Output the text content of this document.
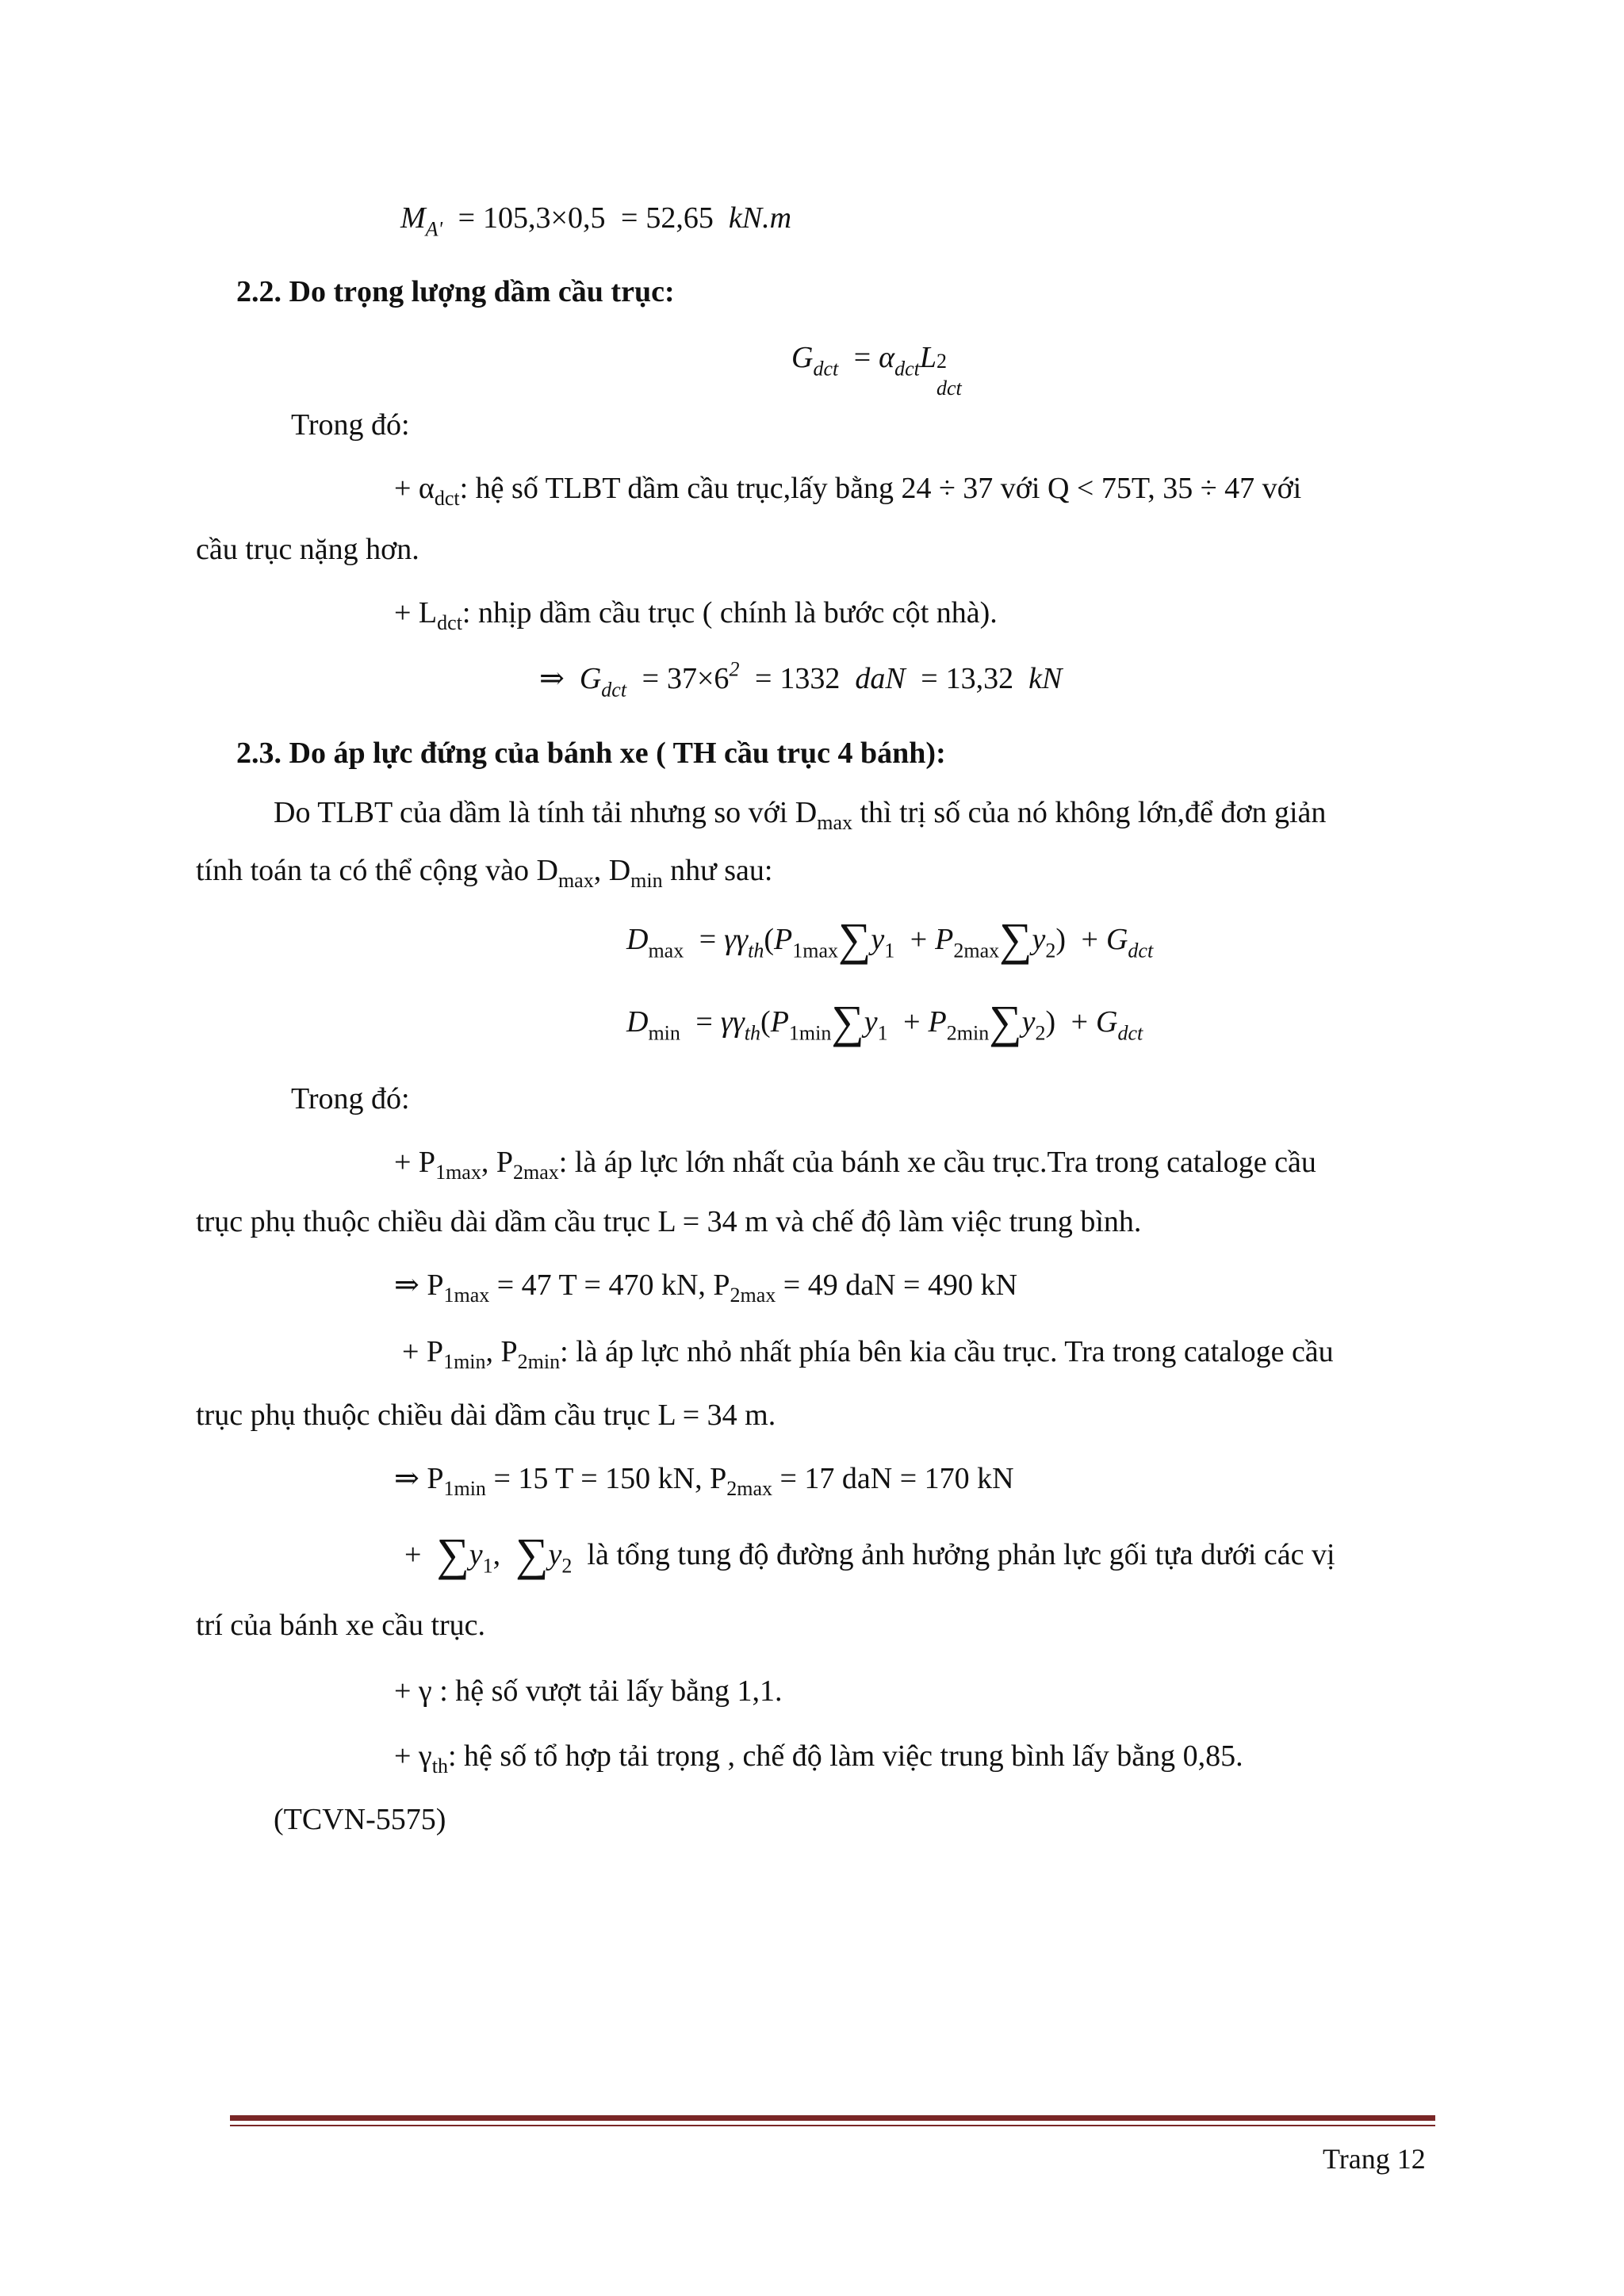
$M_{A'} = 105,3\times 0,5 = 52,65$ kN.m
2.2. Do trọng lượng dầm cầu trục:
$G_{dct} = \alpha_{dct}L$ 2
dct
Trong đó:
+ $\alpha_{dct}$: hệ số TLBT dầm cầu trục,lấy bằng 24 ÷ 37 với Q < 75T, 35 ÷ 47 với
cầu trục nặng hơn.
+ $L_{dct}$: nhịp dầm cầu trục ( chính là bước cột nhà).
⇒ $G_{dct} = 37\times 6^2 = 1332$ daN = 13,32 kN
2.3. Do áp lực đứng của bánh xe ( TH cầu trục 4 bánh):
Do TLBT của dầm là tính tải nhưng so với $D_{max}$ thì trị số của nó không lớn,để đơn giản
tính toán ta có thể cộng vào $D_{max}$, $D_{min}$ như sau:
$D_{max} = \gamma\gamma_{th}(P_{1max}\sum y_1 + P_{2max}\sum y_2) + G_{dct}$
$D_{min} = \gamma\gamma_{th}(P_{1min}\sum y_1 + P_{2min}\sum y_2) + G_{dct}$
Trong đó:
+ $P_{1max}$, $P_{2max}$: là áp lực lớn nhất của bánh xe cầu trục.Tra trong cataloge cầu
trục phụ thuộc chiều dài dầm cầu trục L = 34 m và chế độ làm việc trung bình.
⇒ $P_{1max} = 47$ T = 470 kN, $P_{2max} = 49$ daN = 490 kN
+ $P_{1min}$, $P_{2min}$: là áp lực nhỏ nhất phía bên kia cầu trục. Tra trong cataloge cầu
trục phụ thuộc chiều dài dầm cầu trục L = 34 m.
⇒ $P_{1min} = 15$ T = 150 kN, $P_{2max} = 17$ daN = 170 kN
+ $\sum y_1$, $\sum y_2$ là tổng tung độ đường ảnh hưởng phản lực gối tựa dưới các vị
trí của bánh xe cầu trục.
+ γ : hệ số vượt tải lấy bằng 1,1.
+ $\gamma_{th}$: hệ số tổ hợp tải trọng , chế độ làm việc trung bình lấy bằng 0,85.
(TCVN-5575)
Trang 12
